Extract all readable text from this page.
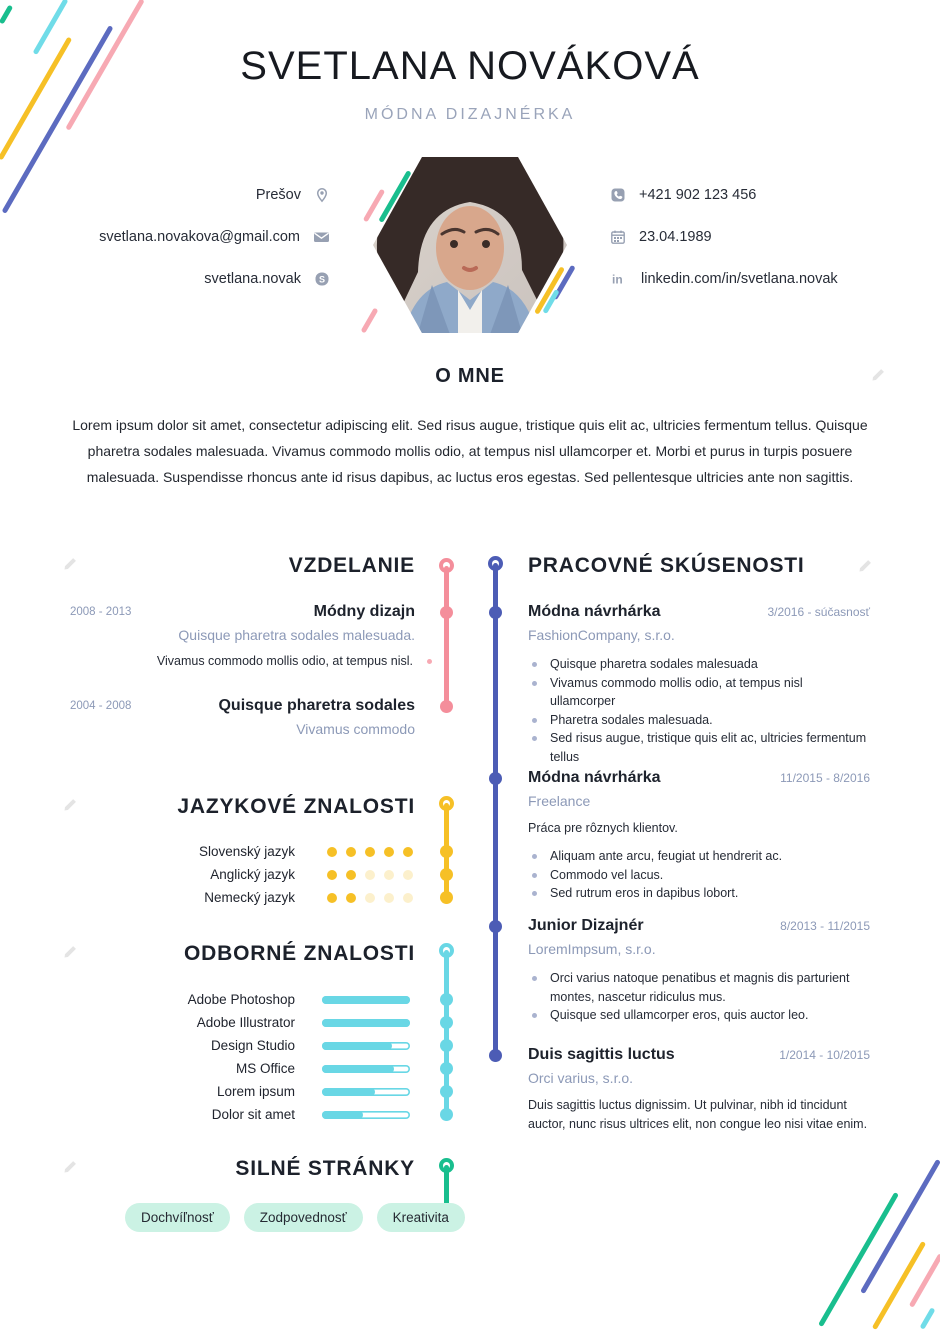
SVETLANA NOVÁKOVÁ
MÓDNA DIZAJNÉRKA
Prešov
svetlana.novakova@gmail.com
svetlana.novak S
+421 902 123 456
23.04.1989
in linkedin.com/in/svetlana.novak
O MNE
Lorem ipsum dolor sit amet, consectetur adipiscing elit. Sed risus augue, tristique quis elit ac, ultricies fermentum tellus. Quisque pharetra sodales malesuada. Vivamus commodo mollis odio, at tempus nisl ullamcorper et. Morbi et purus in turpis posuere malesuada. Suspendisse rhoncus ante id risus dapibus, ac luctus eros egestas. Sed pellentesque ultricies ante non sagittis.
VZDELANIE
2008 - 2013	Módny dizajn
Quisque pharetra sodales malesuada.
Vivamus commodo mollis odio, at tempus nisl.
2004 - 2008	Quisque pharetra sodales
Vivamus commodo
JAZYKOVÉ ZNALOSTI
Slovenský jazyk
Anglický jazyk
Nemecký jazyk
ODBORNÉ ZNALOSTI
Adobe Photoshop
Adobe Illustrator
Design Studio
MS Office
Lorem ipsum
Dolor sit amet
SILNÉ STRÁNKY
Dochvíľnosť	Zodpovednosť	Kreativita
PRACOVNÉ SKÚSENOSTI
Módna návrhárka	3/2016 - súčasnosť
FashionCompany, s.r.o.
Quisque pharetra sodales malesuada
Vivamus commodo mollis odio, at tempus nisl ullamcorper
Pharetra sodales malesuada.
Sed risus augue, tristique quis elit ac, ultricies fermentum tellus
Módna návrhárka	11/2015 - 8/2016
Freelance
Práca pre rôznych klientov.
Aliquam ante arcu, feugiat ut hendrerit ac.
Commodo vel lacus.
Sed rutrum eros in dapibus lobort.
Junior Dizajnér	8/2013 - 11/2015
LoremImpsum, s.r.o.
Orci varius natoque penatibus et magnis dis parturient montes, nascetur ridiculus mus.
Quisque sed ullamcorper eros, quis auctor leo.
Duis sagittis luctus	1/2014 - 10/2015
Orci varius, s.r.o.
Duis sagittis luctus dignissim. Ut pulvinar, nibh id tincidunt auctor, nunc risus ultrices elit, non congue leo nisi vitae enim.
